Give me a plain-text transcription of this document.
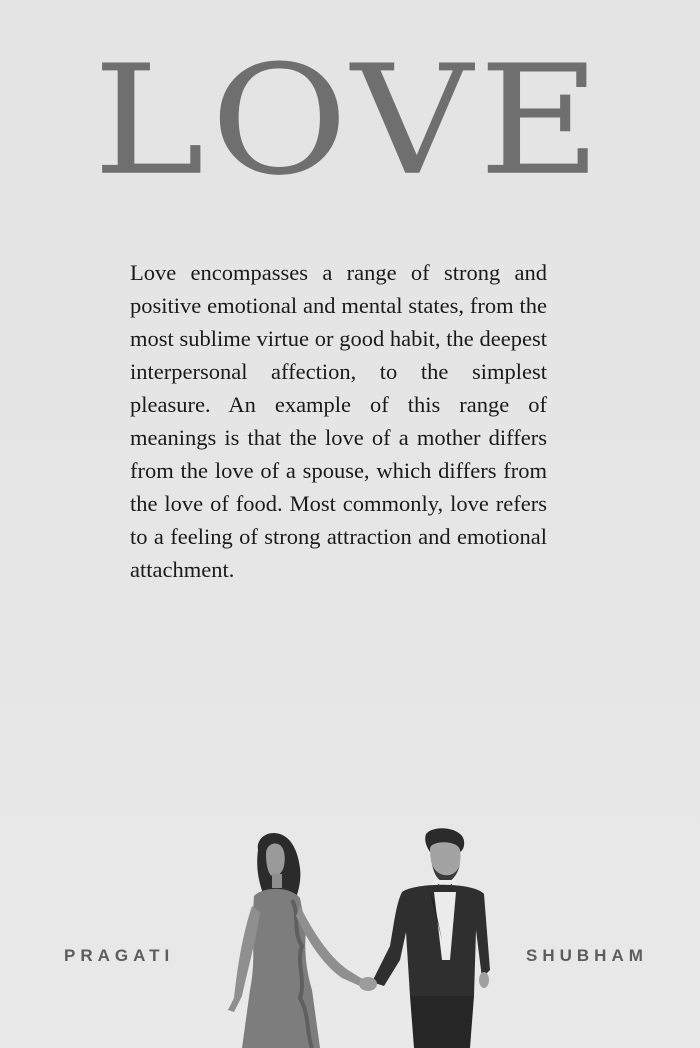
LOVE

Love encompasses a range of strong and positive emotional and mental states, from the most sublime virtue or good habit, the deepest interpersonal affection, to the simplest pleasure. An example of this range of meanings is that the love of a mother differs from the love of a spouse, which differs from the love of food. Most commonly, love refers to a feeling of strong attraction and emotional attachment.

PRAGATI	SHUBHAM
